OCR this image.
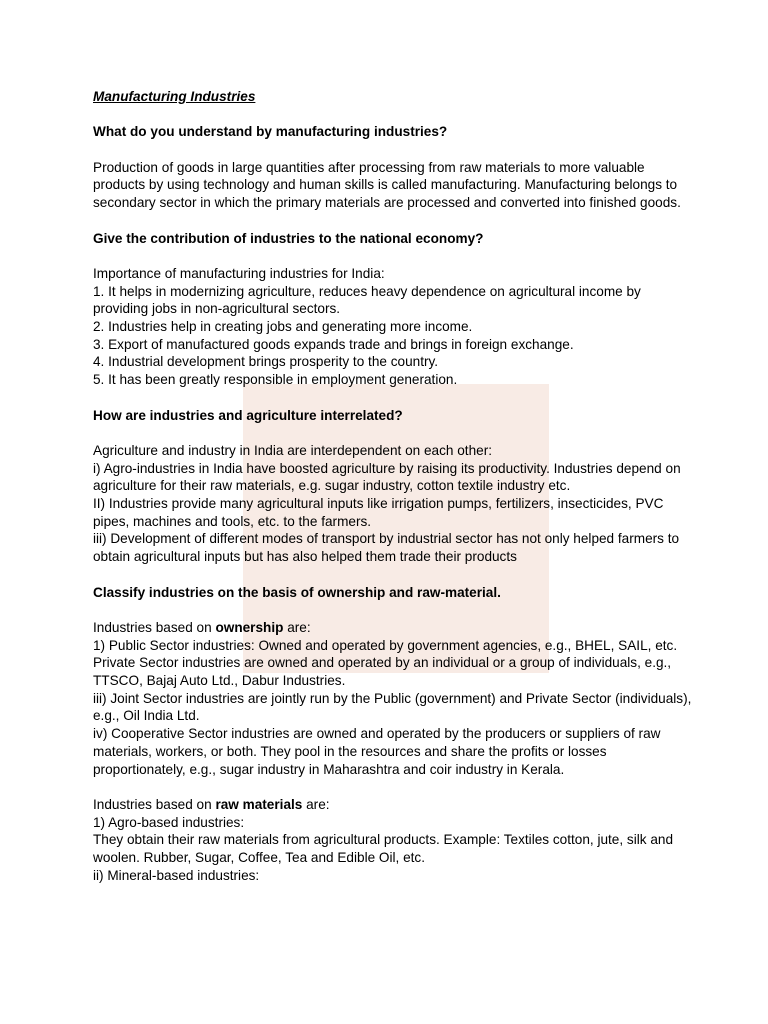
Manufacturing Industries

What do you understand by manufacturing industries?

Production of goods in large quantities after processing from raw materials to more valuable products by using technology and human skills is called manufacturing. Manufacturing belongs to secondary sector in which the primary materials are processed and converted into finished goods.

Give the contribution of industries to the national economy?

Importance of manufacturing industries for India:

1. It helps in modernizing agriculture, reduces heavy dependence on agricultural income by providing jobs in non-agricultural sectors.

2. Industries help in creating jobs and generating more income.

3. Export of manufactured goods expands trade and brings in foreign exchange.

4. Industrial development brings prosperity to the country.

5. It has been greatly responsible in employment generation.

How are industries and agriculture interrelated?

Agriculture and industry in India are interdependent on each other:

i) Agro-industries in India have boosted agriculture by raising its productivity. Industries depend on agriculture for their raw materials, e.g. sugar industry, cotton textile industry etc.

II) Industries provide many agricultural inputs like irrigation pumps, fertilizers, insecticides, PVC pipes, machines and tools, etc. to the farmers.

iii) Development of different modes of transport by industrial sector has not only helped farmers to obtain agricultural inputs but has also helped them trade their products

Classify industries on the basis of ownership and raw-material.

Industries based on ownership are:

1) Public Sector industries: Owned and operated by government agencies, e.g., BHEL, SAIL, etc.

Private Sector industries are owned and operated by an individual or a group of individuals, e.g., TTSCO, Bajaj Auto Ltd., Dabur Industries.

iii) Joint Sector industries are jointly run by the Public (government) and Private Sector (individuals), e.g., Oil India Ltd.

iv) Cooperative Sector industries are owned and operated by the producers or suppliers of raw materials, workers, or both. They pool in the resources and share the profits or losses proportionately, e.g., sugar industry in Maharashtra and coir industry in Kerala.

Industries based on raw materials are:

1) Agro-based industries:

They obtain their raw materials from agricultural products. Example: Textiles cotton, jute, silk and woolen. Rubber, Sugar, Coffee, Tea and Edible Oil, etc.

ii) Mineral-based industries:
